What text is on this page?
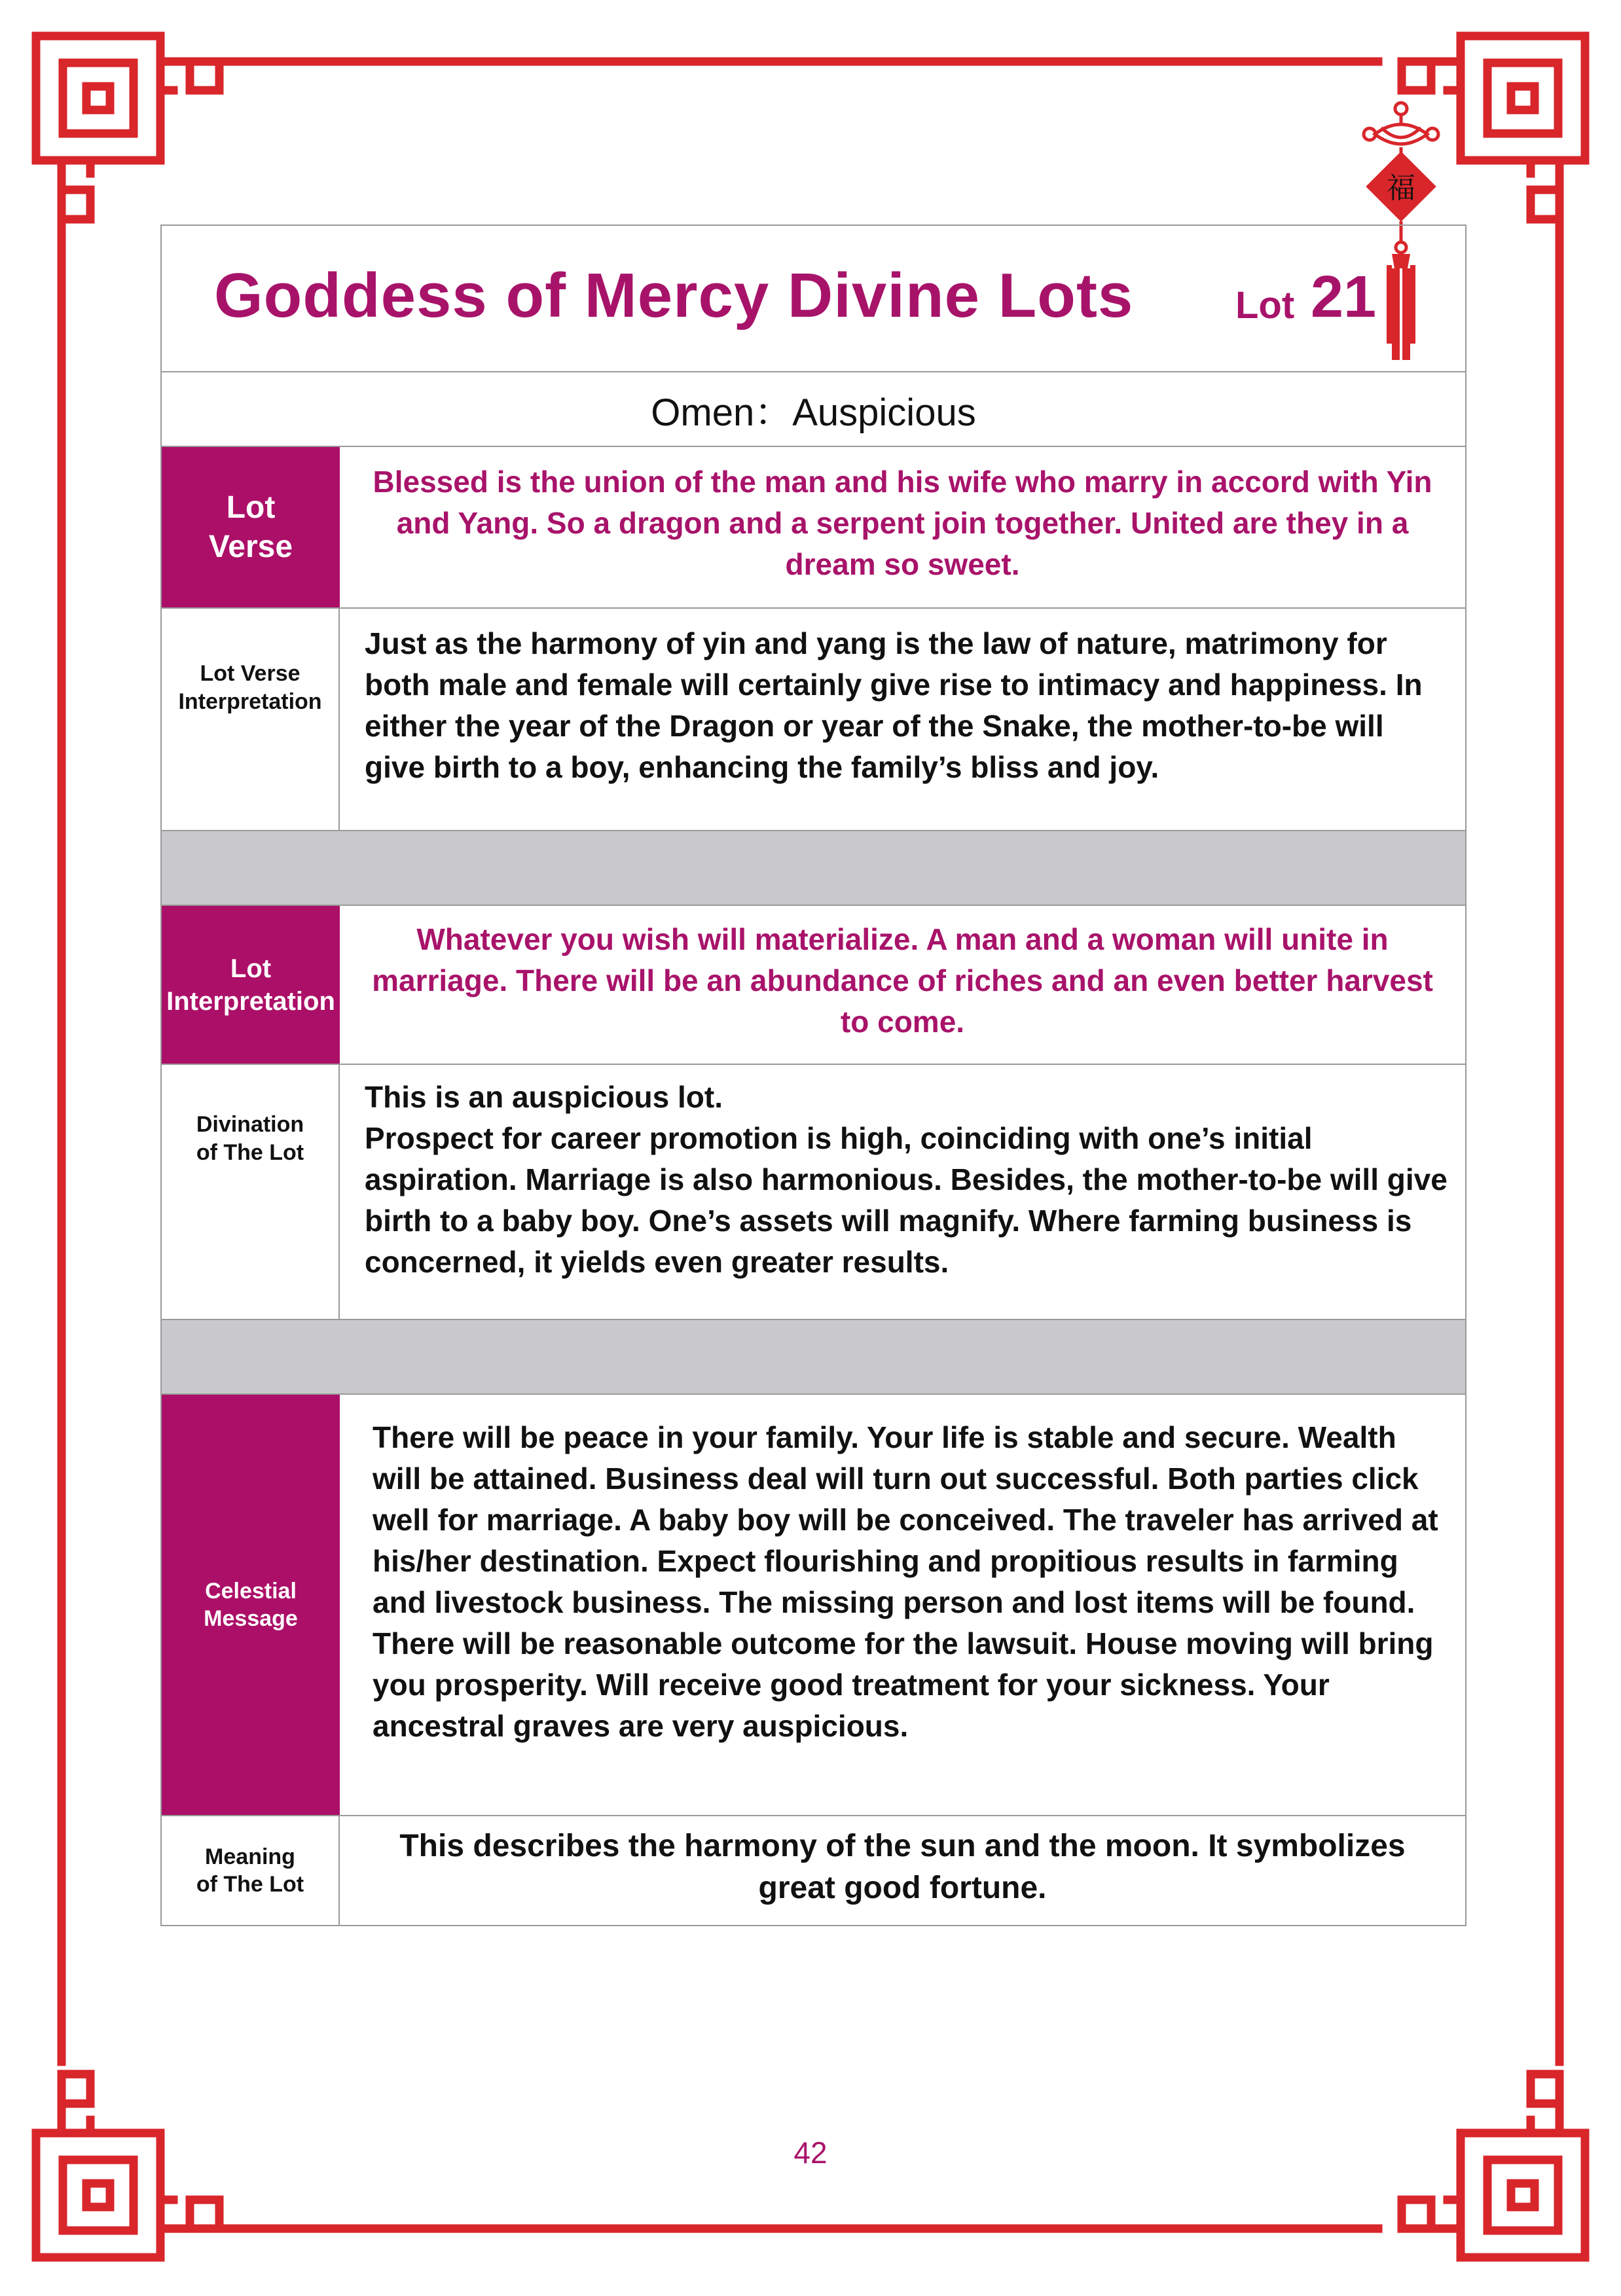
福
Goddess of Mercy Divine Lots	Lot 21
Omen：Auspicious
Lot
Verse
Blessed is the union of the man and his wife who marry in accord with Yin and Yang. So a dragon and a serpent join together. United are they in a dream so sweet.
Lot Verse
Interpretation
Just as the harmony of yin and yang is the law of nature, matrimony for both male and female will certainly give rise to intimacy and happiness. In either the year of the Dragon or year of the Snake, the mother-to-be will give birth to a boy, enhancing the family’s bliss and joy.
Lot
Interpretation
Whatever you wish will materialize. A man and a woman will unite in marriage. There will be an abundance of riches and an even better harvest to come.
Divination
of The Lot
This is an auspicious lot.
Prospect for career promotion is high, coinciding with one’s initial aspiration. Marriage is also harmonious. Besides, the mother-to-be will give birth to a baby boy. One’s assets will magnify. Where farming business is concerned, it yields even greater results.
Celestial
Message
There will be peace in your family. Your life is stable and secure. Wealth will be attained. Business deal will turn out successful. Both parties click well for marriage. A baby boy will be conceived. The traveler has arrived at his/her destination. Expect flourishing and propitious results in farming and livestock business. The missing person and lost items will be found. There will be reasonable outcome for the lawsuit. House moving will bring you prosperity. Will receive good treatment for your sickness. Your ancestral graves are very auspicious.
Meaning
of The Lot
This describes the harmony of the sun and the moon. It symbolizes great good fortune.
42
